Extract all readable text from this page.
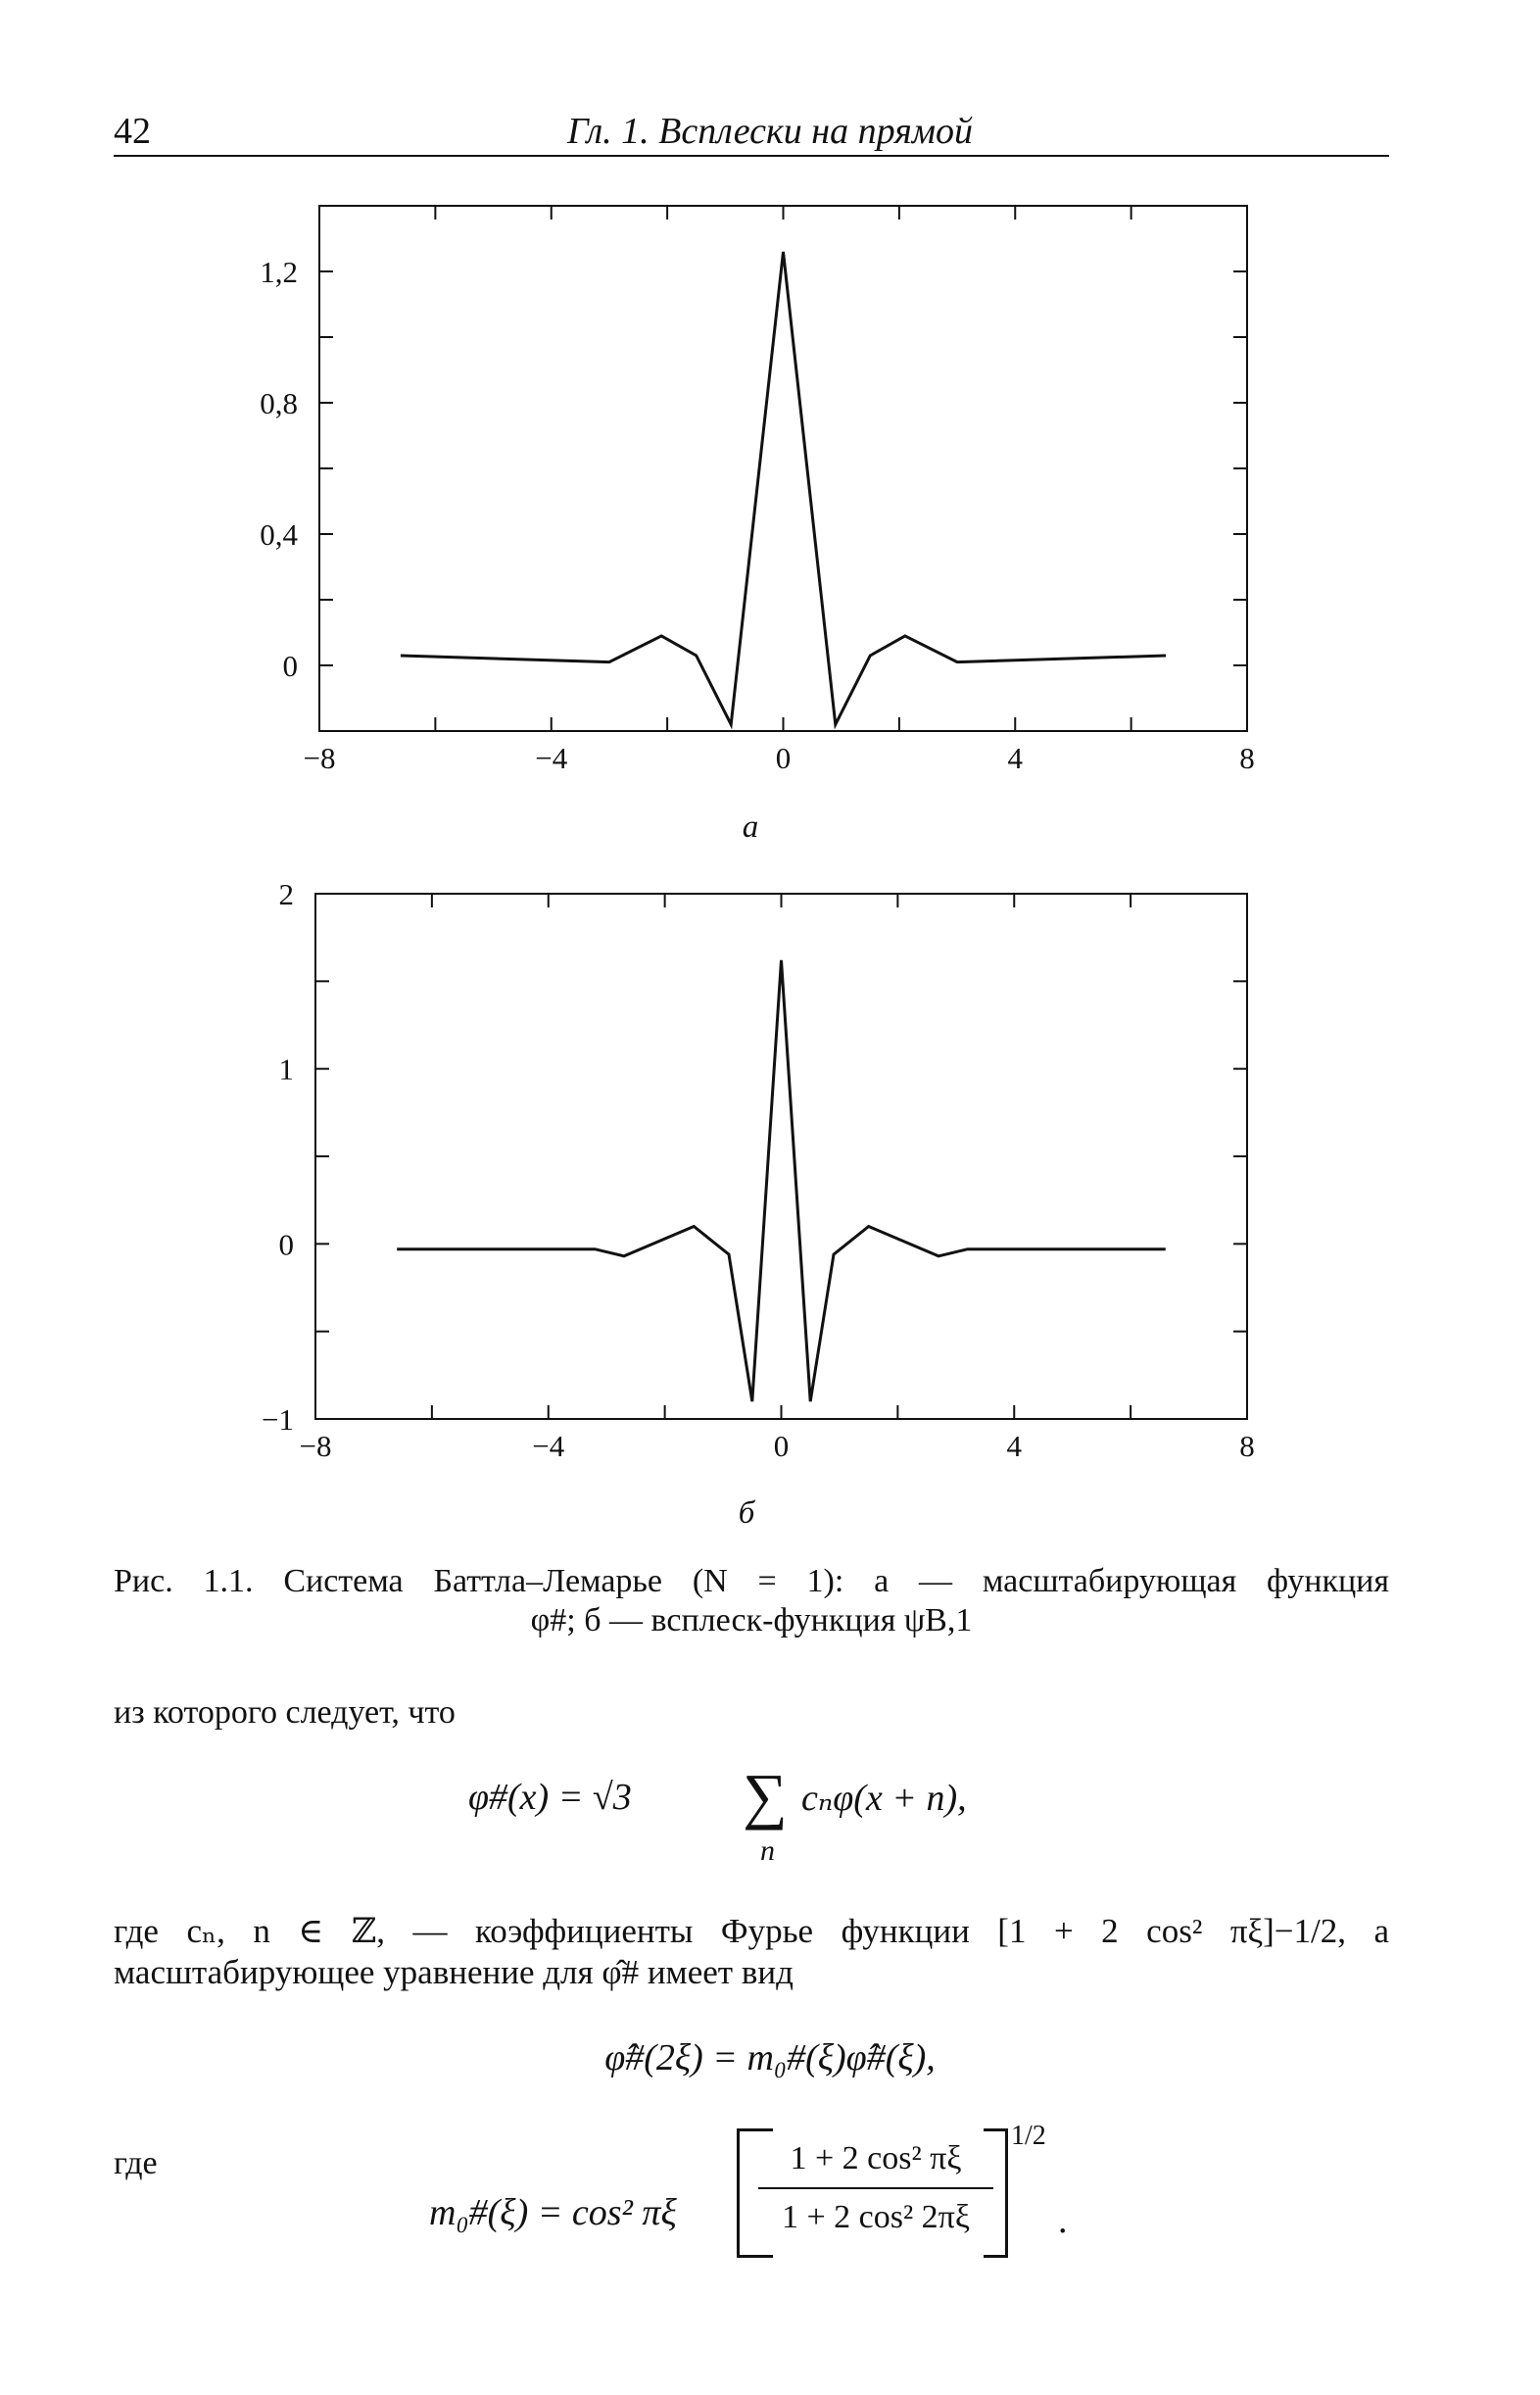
42	Гл. 1. Всплески на прямой
−8	−4	0	4	8
0
0,4
0,8
1,2
−8	−4	0	4	8
−1
0
1
2
а
б
Рис. 1.1. Система Баттла–Лемарье (N = 1): а — масштабирующая функция
φ#; б — всплеск-функция ψB,1
из которого следует, что
φ#(x) = √3 ∑
n
cₙφ(x + n),
где cₙ, n ∈ ℤ, — коэффициенты Фурье функции [1 + 2 cos² πξ]−1/2, а
масштабирующее уравнение для φ̂# имеет вид
φ̂#(2ξ) = m₀#(ξ)φ̂#(ξ),
где
m₀#(ξ) = cos² πξ
1 + 2 cos² πξ
1 + 2 cos² 2πξ
1/2
.
